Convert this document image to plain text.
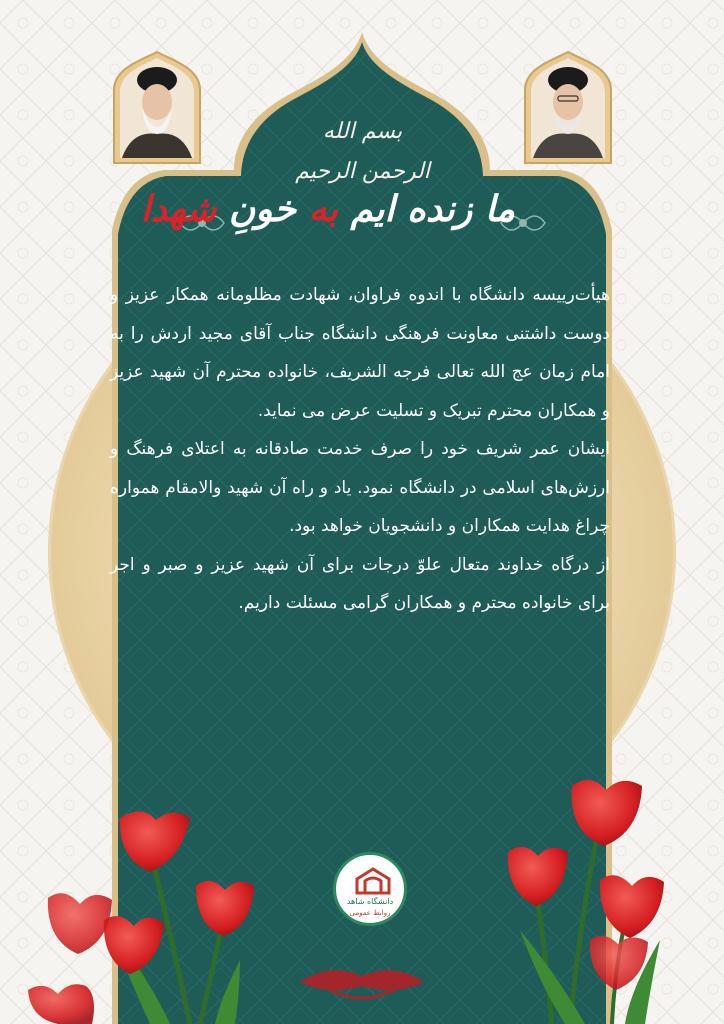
بسم الله الرحمن الرحیم
ما زنده ایم به خونِ شهدا

هیأت‌رییسه دانشگاه با اندوه فراوان، شهادت مظلومانه همکار عزیز و دوست داشتنی معاونت فرهنگی دانشگاه جناب آقای مجید اردش را به امام زمان عج الله تعالی فرجه الشریف، خانواده محترم آن شهید عزیز و همکاران محترم تبریک و تسلیت عرض می نماید.

ایشان عمر شریف خود را صرف خدمت صادقانه به اعتلای فرهنگ و ارزش‌های اسلامی در دانشگاه نمود. یاد و راه آن شهید والامقام همواره چراغ هدایت همکاران و دانشجویان خواهد بود.

از درگاه خداوند متعال علوّ درجات برای آن شهید عزیز و صبر و اجر برای خانواده محترم و همکاران گرامی مسئلت داریم.

دانشگاه شاهد
روابط عمومی
